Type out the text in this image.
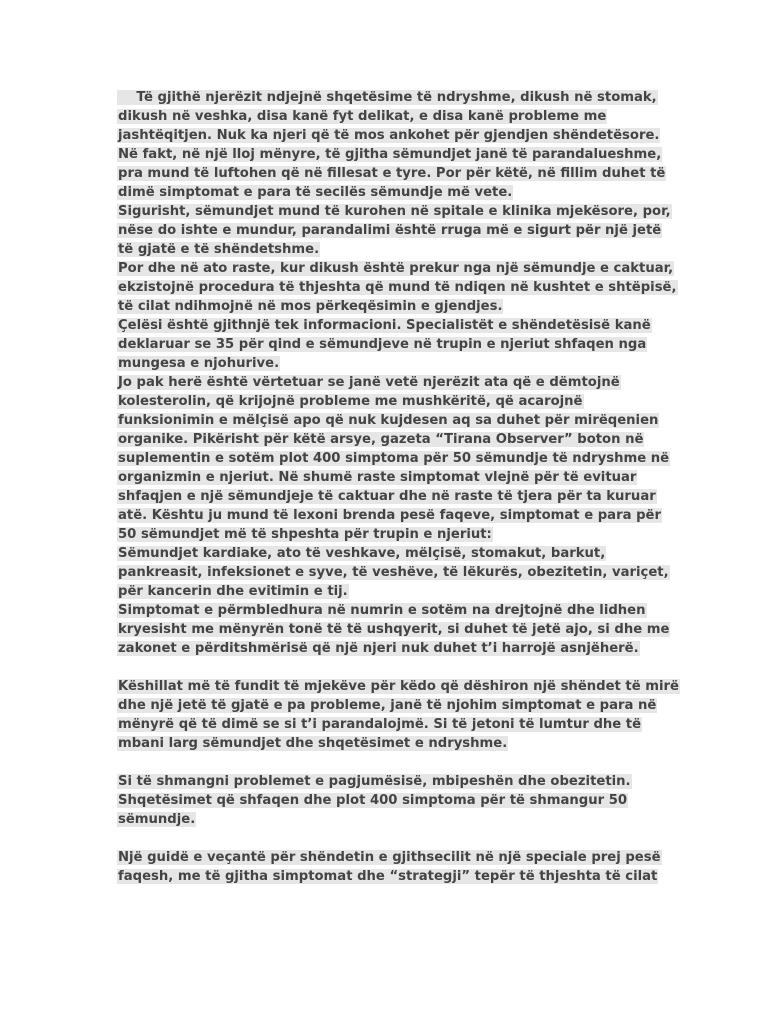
Të gjithë njerëzit ndjejnë shqetësime të ndryshme, dikush në stomak,
dikush në veshka, disa kanë fyt delikat, e disa kanë probleme me
jashtëqitjen. Nuk ka njeri që të mos ankohet për gjendjen shëndetësore.
Në fakt, në një lloj mënyre, të gjitha sëmundjet janë të parandalueshme,
pra mund të luftohen që në fillesat e tyre. Por për këtë, në fillim duhet të
dimë simptomat e para të secilës sëmundje më vete.
Sigurisht, sëmundjet mund të kurohen në spitale e klinika mjekësore, por,
nëse do ishte e mundur, parandalimi është rruga më e sigurt për një jetë
të gjatë e të shëndetshme.
Por dhe në ato raste, kur dikush është prekur nga një sëmundje e caktuar,
ekzistojnë procedura të thjeshta që mund të ndiqen në kushtet e shtëpisë,
të cilat ndihmojnë në mos përkeqësimin e gjendjes.
Çelësi është gjithnjë tek informacioni. Specialistët e shëndetësisë kanë
deklaruar se 35 për qind e sëmundjeve në trupin e njeriut shfaqen nga
mungesa e njohurive.
Jo pak herë është vërtetuar se janë vetë njerëzit ata që e dëmtojnë
kolesterolin, që krijojnë probleme me mushkëritë, që acarojnë
funksionimin e mëlçisë apo që nuk kujdesen aq sa duhet për mirëqenien
organike. Pikërisht për këtë arsye, gazeta “Tirana Observer” boton në
suplementin e sotëm plot 400 simptoma për 50 sëmundje të ndryshme në
organizmin e njeriut. Në shumë raste simptomat vlejnë për të evituar
shfaqjen e një sëmundjeje të caktuar dhe në raste të tjera për ta kuruar
atë. Kështu ju mund të lexoni brenda pesë faqeve, simptomat e para për
50 sëmundjet më të shpeshta për trupin e njeriut:
Sëmundjet kardiake, ato të veshkave, mëlçisë, stomakut, barkut,
pankreasit, infeksionet e syve, të veshëve, të lëkurës, obezitetin, variçet,
për kancerin dhe evitimin e tij.
Simptomat e përmbledhura në numrin e sotëm na drejtojnë dhe lidhen
kryesisht me mënyrën tonë të të ushqyerit, si duhet të jetë ajo, si dhe me
zakonet e përditshmërisë që një njeri nuk duhet t’i harrojë asnjëherë.
Këshillat më të fundit të mjekëve për këdo që dëshiron një shëndet të mirë
dhe një jetë të gjatë e pa probleme, janë të njohim simptomat e para në
mënyrë që të dimë se si t’i parandalojmë. Si të jetoni të lumtur dhe të
mbani larg sëmundjet dhe shqetësimet e ndryshme.
Si të shmangni problemet e pagjumësisë, mbipeshën dhe obezitetin.
Shqetësimet që shfaqen dhe plot 400 simptoma për të shmangur 50
sëmundje.
Një guidë e veçantë për shëndetin e gjithsecilit në një speciale prej pesë
faqesh, me të gjitha simptomat dhe “strategji” tepër të thjeshta të cilat
